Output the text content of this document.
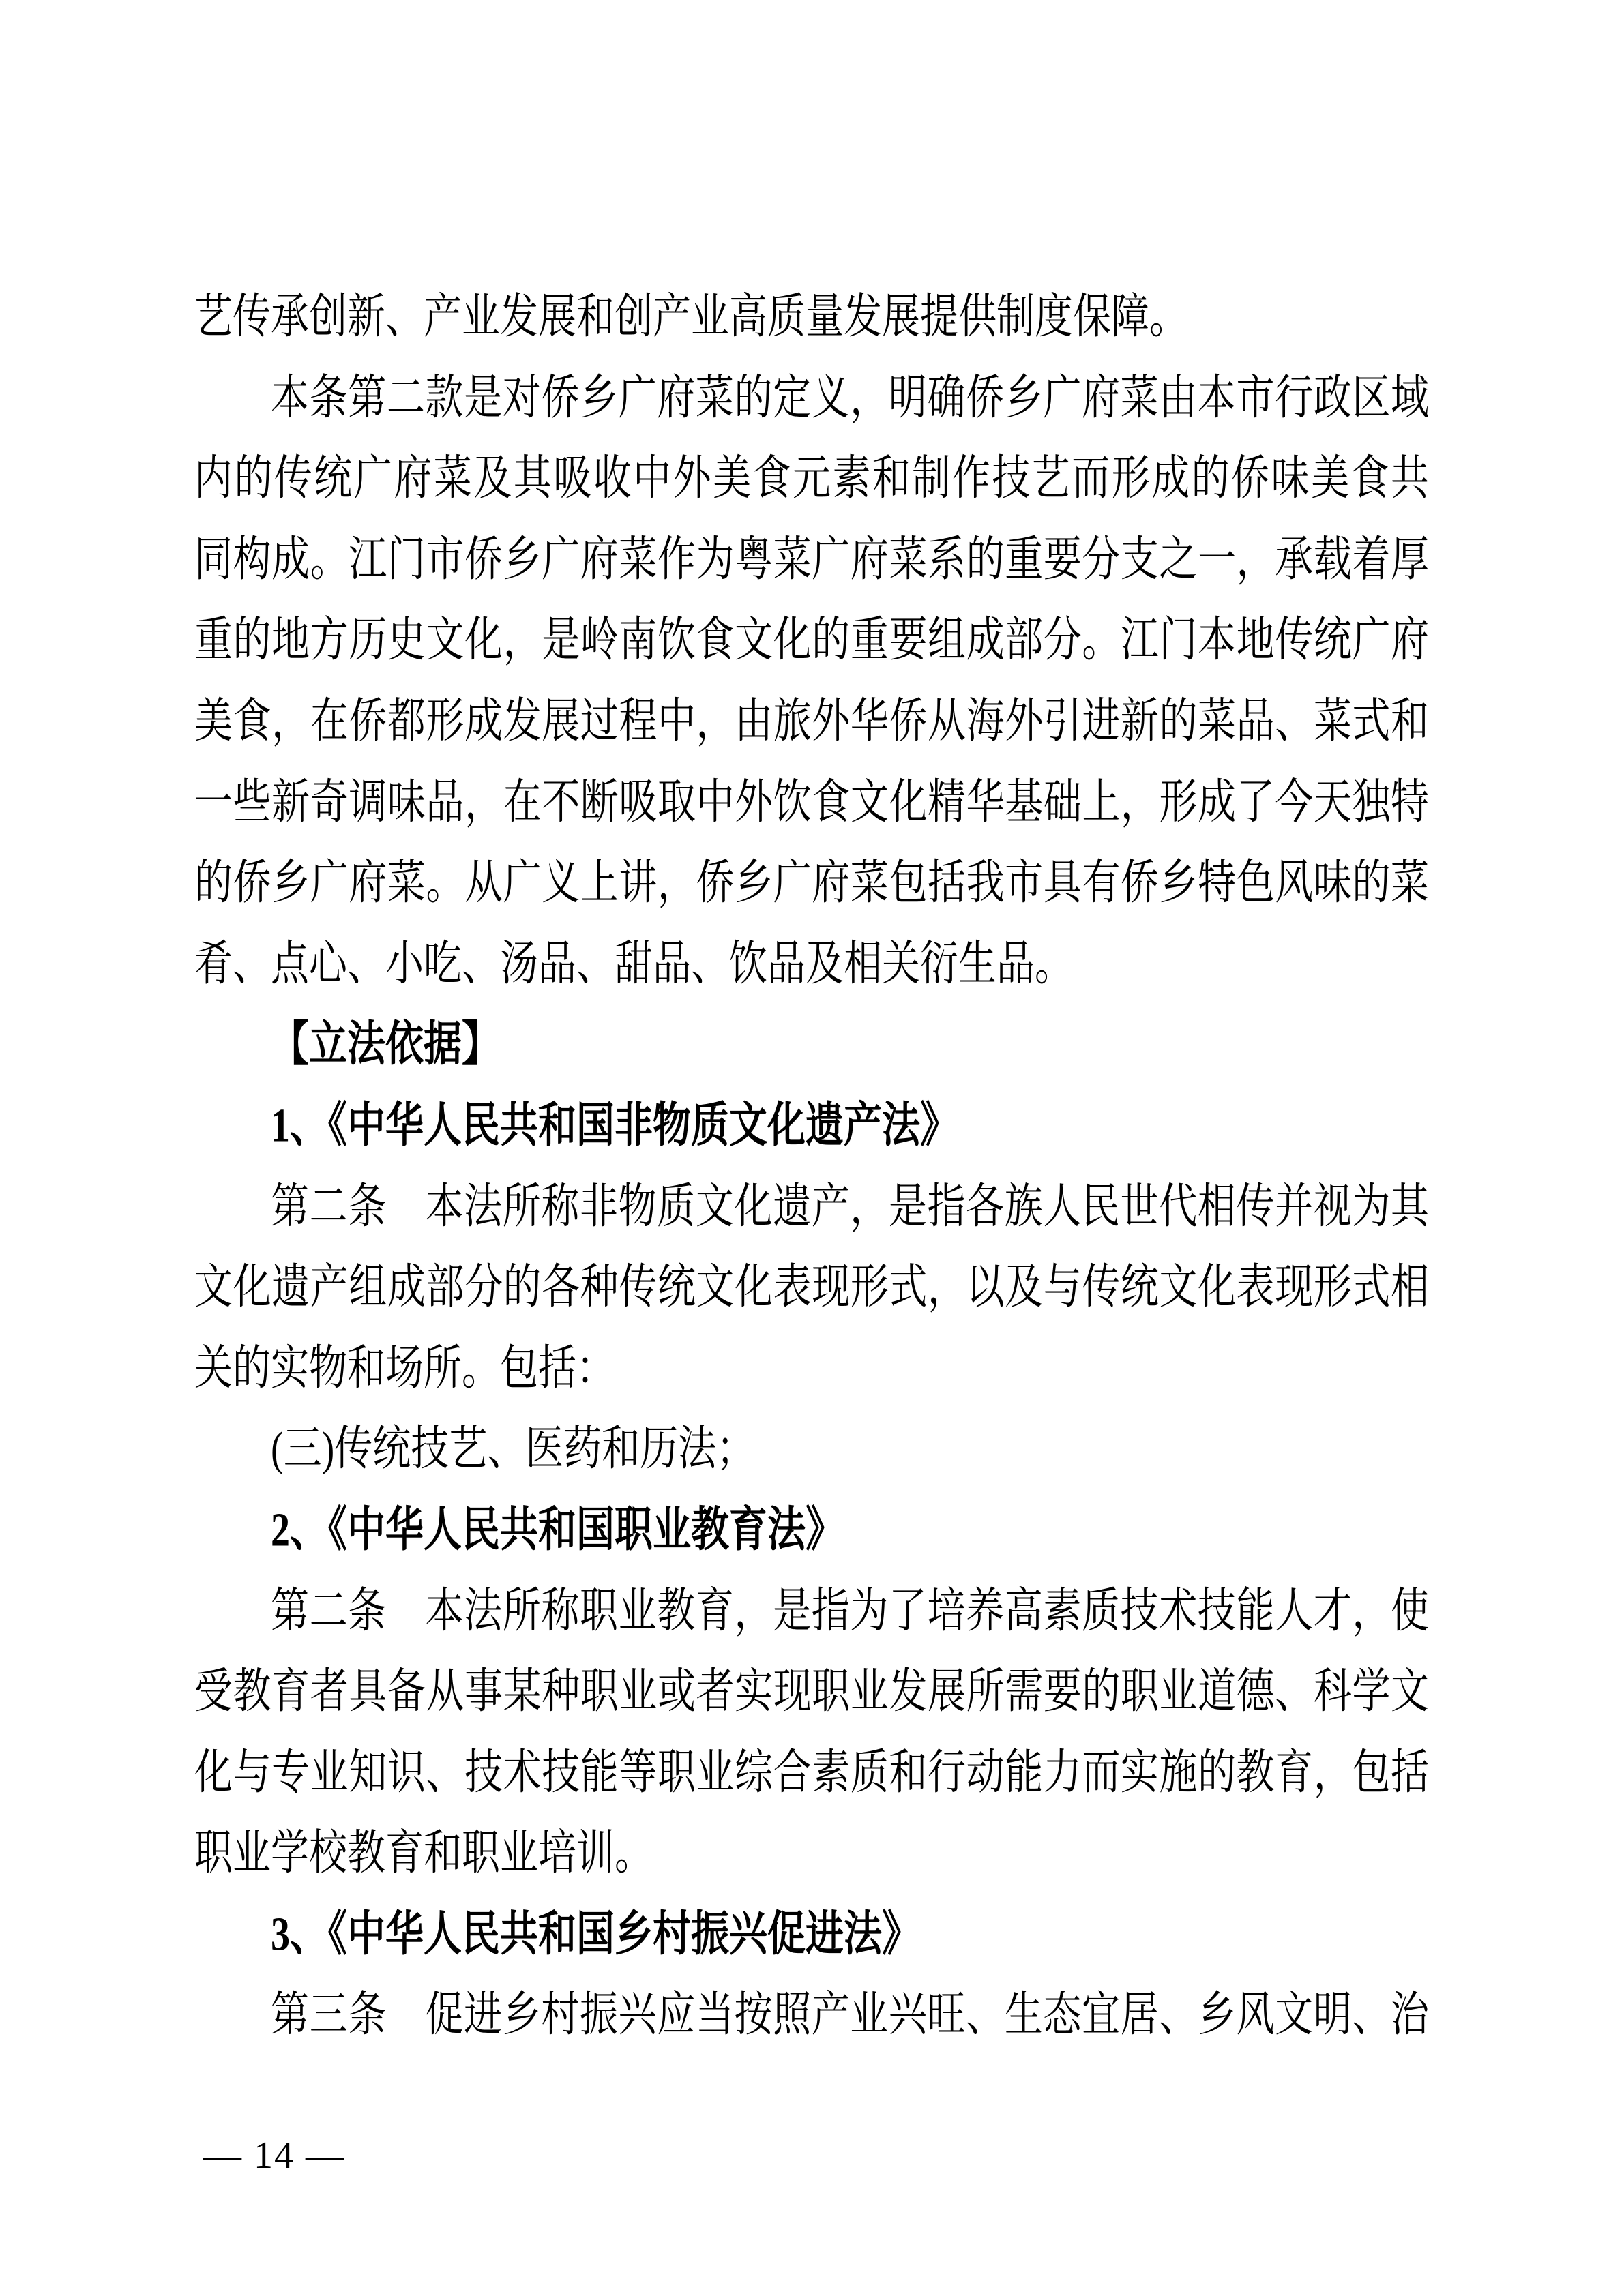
艺传承创新、产业发展和创产业高质量发展提供制度保障。
本条第二款是对侨乡广府菜的定义，明确侨乡广府菜由本市行政区域
内的传统广府菜及其吸收中外美食元素和制作技艺而形成的侨味美食共
同构成。江门市侨乡广府菜作为粤菜广府菜系的重要分支之一，承载着厚
重的地方历史文化，是岭南饮食文化的重要组成部分。江门本地传统广府
美食，在侨都形成发展过程中，由旅外华侨从海外引进新的菜品、菜式和
一些新奇调味品，在不断吸取中外饮食文化精华基础上，形成了今天独特
的侨乡广府菜。从广义上讲，侨乡广府菜包括我市具有侨乡特色风味的菜
肴、点心、小吃、汤品、甜品、饮品及相关衍生品。
【立法依据】
1、《中华人民共和国非物质文化遗产法》
第二条　本法所称非物质文化遗产，是指各族人民世代相传并视为其
文化遗产组成部分的各种传统文化表现形式，以及与传统文化表现形式相
关的实物和场所。包括：
(三)传统技艺、医药和历法；
2、《中华人民共和国职业教育法》
第二条　本法所称职业教育，是指为了培养高素质技术技能人才，使
受教育者具备从事某种职业或者实现职业发展所需要的职业道德、科学文
化与专业知识、技术技能等职业综合素质和行动能力而实施的教育，包括
职业学校教育和职业培训。
3、《中华人民共和国乡村振兴促进法》
第三条　促进乡村振兴应当按照产业兴旺、生态宜居、乡风文明、治
— 14 —
